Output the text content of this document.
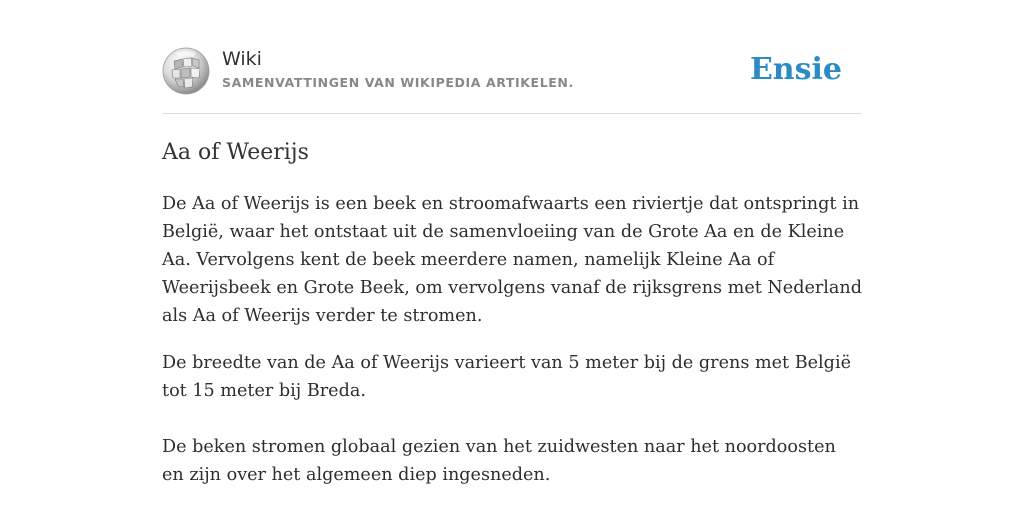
Wiki
SAMENVATTINGEN VAN WIKIPEDIA ARTIKELEN.	Ensie
Aa of Weerijs

De Aa of Weerijs is een beek en stroomafwaarts een riviertje dat ontspringt in België, waar het ontstaat uit de samenvloeiing van de Grote Aa en de Kleine Aa. Vervolgens kent de beek meerdere namen, namelijk Kleine Aa of Weerijsbeek en Grote Beek, om vervolgens vanaf de rijksgrens met Nederland als Aa of Weerijs verder te stromen.

De breedte van de Aa of Weerijs varieert van 5 meter bij de grens met België tot 15 meter bij Breda.

De beken stromen globaal gezien van het zuidwesten naar het noordoosten en zijn over het algemeen diep ingesneden.
